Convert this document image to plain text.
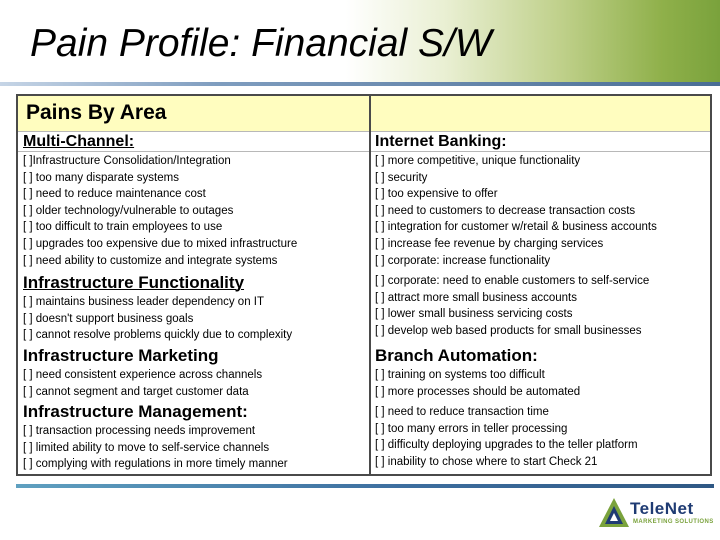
Pain Profile: Financial S/W
Pains By Area
Multi-Channel:
[ ]Infrastructure Consolidation/Integration
[ ] too many disparate systems
[ ] need to reduce maintenance cost
[ ] older technology/vulnerable to outages
[ ] too difficult to train employees to use
[ ] upgrades too expensive due to mixed infrastructure
[ ] need ability to customize and integrate systems
Infrastructure Functionality
[ ] maintains business leader dependency on IT
[ ] doesn't support business goals
[ ] cannot resolve problems quickly due to complexity
Infrastructure Marketing
[ ] need consistent experience across channels
[ ] cannot segment and target customer data
Infrastructure Management:
[ ] transaction processing needs improvement
[ ] limited ability to move to self-service channels
[ ] complying with regulations in more timely manner
Internet Banking:
[ ] more competitive, unique functionality
[ ] security
[ ] too expensive to offer
[ ] need to customers to decrease transaction costs
[ ] integration for customer w/retail & business accounts
[ ] increase fee revenue by charging services
[ ] corporate: increase functionality
[ ] corporate: need to enable customers to self-service
[ ] attract more small business accounts
[ ] lower small business servicing costs
[ ] develop web based products for small businesses
Branch Automation:
[ ] training on systems too difficult
[ ] more processes should be automated
[ ] need to reduce transaction time
[ ] too many errors in teller processing
[ ] difficulty deploying upgrades to the teller platform
[ ] inability to chose where to start Check 21
TeleNet
MARKETING SOLUTIONS
